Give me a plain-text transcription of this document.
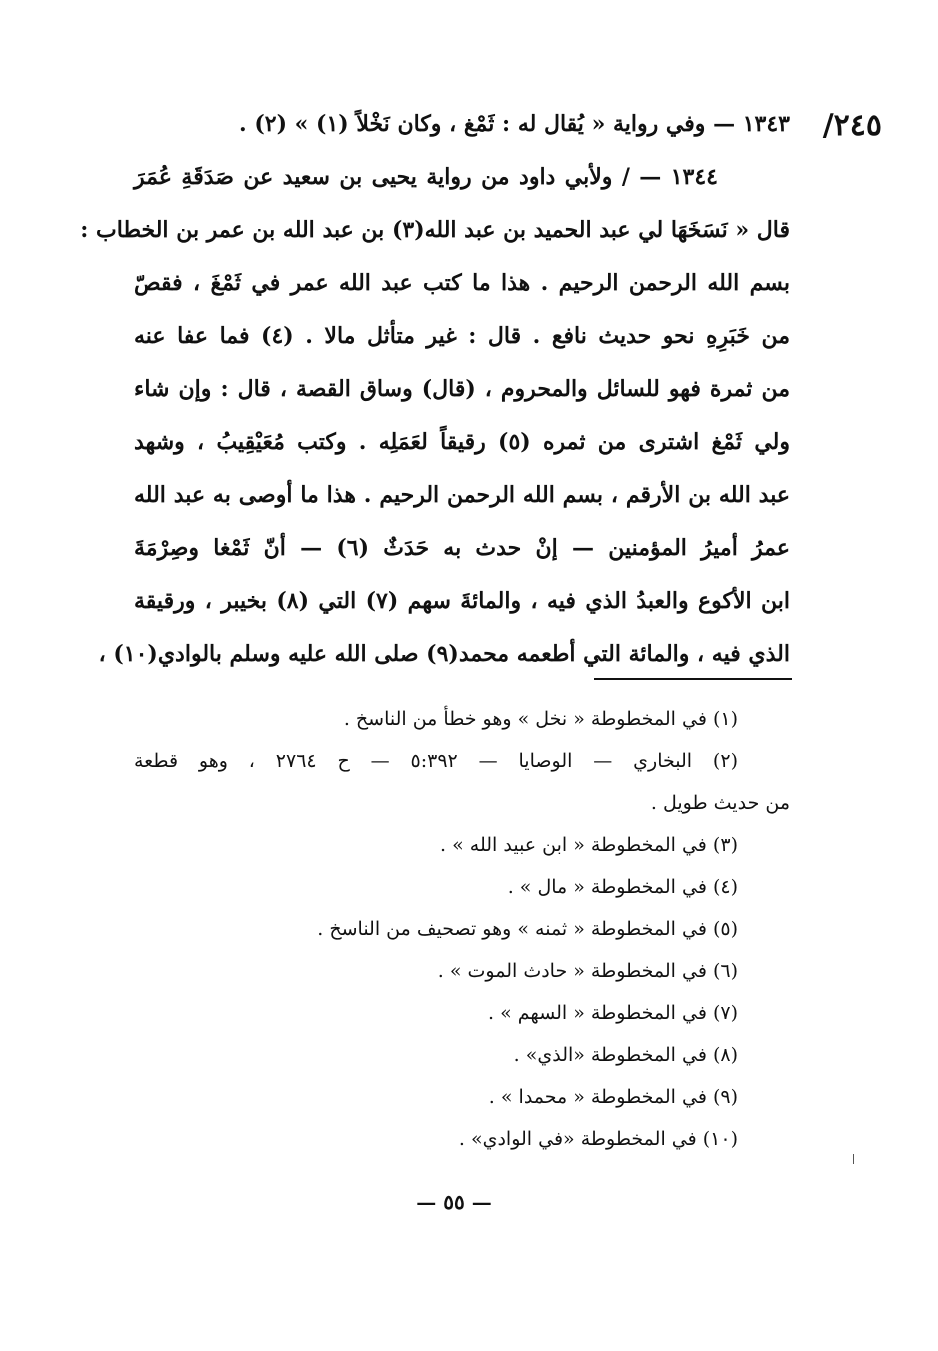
٢٤٥/
١٣٤٣ — وفي رواية « يُقال له : ثَمْغ ، وكان نَخْلاً (١) » (٢) .
١٣٤٤ — / ولأبي داود من رواية يحيى بن سعيد عن صَدَقَةِ عُمَرَ
قال « نَسَخَهَا لي عبد الحميد بن عبد الله(٣) بن عبد الله بن عمر بن الخطاب :
بسم الله الرحمن الرحيم . هذا ما كتب عبد الله عمر في ثَمْغَ ، فقصّ
من خَبَرِهِ نحو حديث نافع . قال : غير متأثل مالا . (٤) فما عفا عنه
من ثمرة فهو للسائل والمحروم ، (قال) وساق القصة ، قال : وإن شاء
ولي ثَمْغ اشترى من ثمره (٥) رقيقاً لعَمَلِه . وكتب مُعَيْقِيبُ ، وشهد
عبد الله بن الأرقم ، بسم الله الرحمن الرحيم . هذا ما أوصى به عبد الله
عمرُ أميرُ المؤمنين — إنْ حدث به حَدَثٌ (٦) — أنّ ثَمْغا وصِرْمَةَ
ابن الأكوع والعبدُ الذي فيه ، والمائةَ سهم (٧) التي (٨) بخيبر ، ورقيقة
الذي فيه ، والمائة التي أطعمه محمد(٩) صلى الله عليه وسلم بالوادي(١٠) ،
(١) في المخطوطة « نخل » وهو خطأ من الناسخ .
(٢) البخاري — الوصايا — ٥:٣٩٢ — ح ٢٧٦٤ ، وهو قطعة
من حديث طويل .
(٣) في المخطوطة « ابن عبيد الله » .
(٤) في المخطوطة « مال » .
(٥) في المخطوطة « ثمنه » وهو تصحيف من الناسخ .
(٦) في المخطوطة « حادث الموت » .
(٧) في المخطوطة « السهم » .
(٨) في المخطوطة «الذي» .
(٩) في المخطوطة « محمدا » .
(١٠) في المخطوطة «في الوادي» .
— ٥٥ —
